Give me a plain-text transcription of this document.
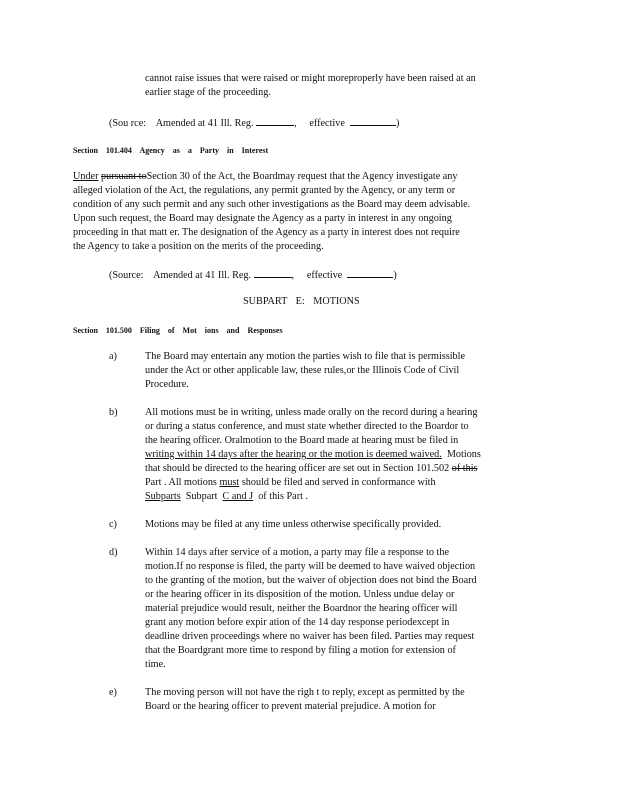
cannot raise issues that were raised or might moreproperly have been raised at an

earlier stage of the proceeding.

(Sou rce: Amended at 41 Ill. Reg.	, effective	)
Section 101.404 Agency as a Party in Interest

Under pursuant toSection 30 of the Act, the Boardmay request that the Agency investigate any

alleged violation of the Act, the regulations, any permit granted by the Agency, or any term or

condition of any such permit and any such other investigations as the Board may deem advisable.

Upon such request, the Board may designate the Agency as a party in interest in any ongoing

proceeding in that matt er. The designation of the Agency as a party in interest does not require

the Agency to take a position on the merits of the proceeding.

(Source: Amended at 41 Ill. Reg.	, effective	)
SUBPART E: MOTIONS
Section 101.500 Filing of Mot ions and Responses
a)	The Board may entertain any motion the parties wish to file that is permissible

under the Act or other applicable law, these rules,or the Illinois Code of Civil

Procedure.

b)	All motions must be in writing, unless made orally on the record during a hearing

or during a status conference, and must state whether directed to the Boardor to

the hearing officer. Oralmotion to the Board made at hearing must be filed in

writing within 14 days after the hearing or the motion is deemed waived. Motions

that should be directed to the hearing officer are set out in Section 101.502 of this

Part . All motions must should be filed and served in conformance with

Subparts Subpart C and J of this Part .

c)	Motions may be filed at any time unless otherwise specifically provided.

d)	Within 14 days after service of a motion, a party may file a response to the

motion.If no response is filed, the party will be deemed to have waived objection

to the granting of the motion, but the waiver of objection does not bind the Board

or the hearing officer in its disposition of the motion. Unless undue delay or

material prejudice would result, neither the Boardnor the hearing officer will

grant any motion before expir ation of the 14 day response periodexcept in

deadline driven proceedings where no waiver has been filed. Parties may request

that the Boardgrant more time to respond by filing a motion for extension of

time.

e)	The moving person will not have the righ t to reply, except as permitted by the

Board or the hearing officer to prevent material prejudice. A motion for
